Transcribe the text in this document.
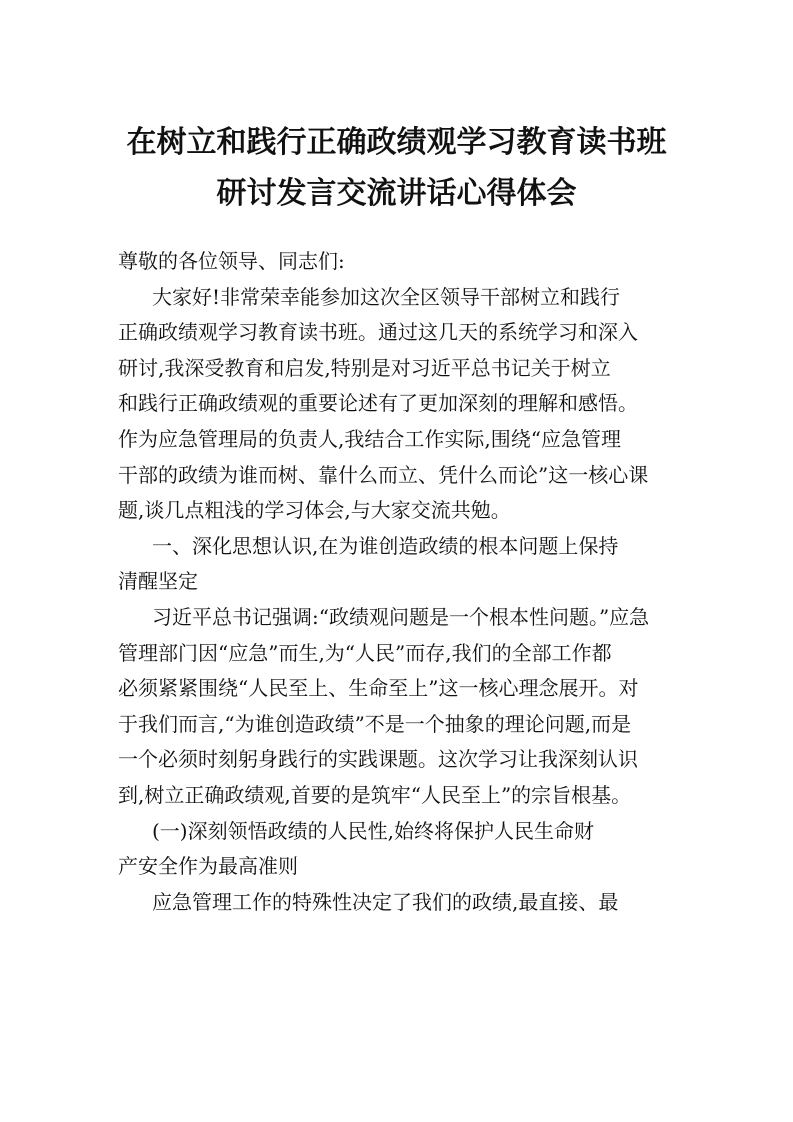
在树立和践行正确政绩观学习教育读书班
研讨发言交流讲话心得体会
尊敬的各位领导、同志们:
大家好!非常荣幸能参加这次全区领导干部树立和践行
正确政绩观学习教育读书班。通过这几天的系统学习和深入
研讨,我深受教育和启发,特别是对习近平总书记关于树立
和践行正确政绩观的重要论述有了更加深刻的理解和感悟。
作为应急管理局的负责人,我结合工作实际,围绕“应急管理
干部的政绩为谁而树、靠什么而立、凭什么而论”这一核心课
题,谈几点粗浅的学习体会,与大家交流共勉。
一、深化思想认识,在为谁创造政绩的根本问题上保持
清醒坚定
习近平总书记强调:“政绩观问题是一个根本性问题。”应急
管理部门因“应急”而生,为“人民”而存,我们的全部工作都
必须紧紧围绕“人民至上、生命至上”这一核心理念展开。对
于我们而言,“为谁创造政绩”不是一个抽象的理论问题,而是
一个必须时刻躬身践行的实践课题。这次学习让我深刻认识
到,树立正确政绩观,首要的是筑牢“人民至上”的宗旨根基。
(一)深刻领悟政绩的人民性,始终将保护人民生命财
产安全作为最高准则
应急管理工作的特殊性决定了我们的政绩,最直接、最
